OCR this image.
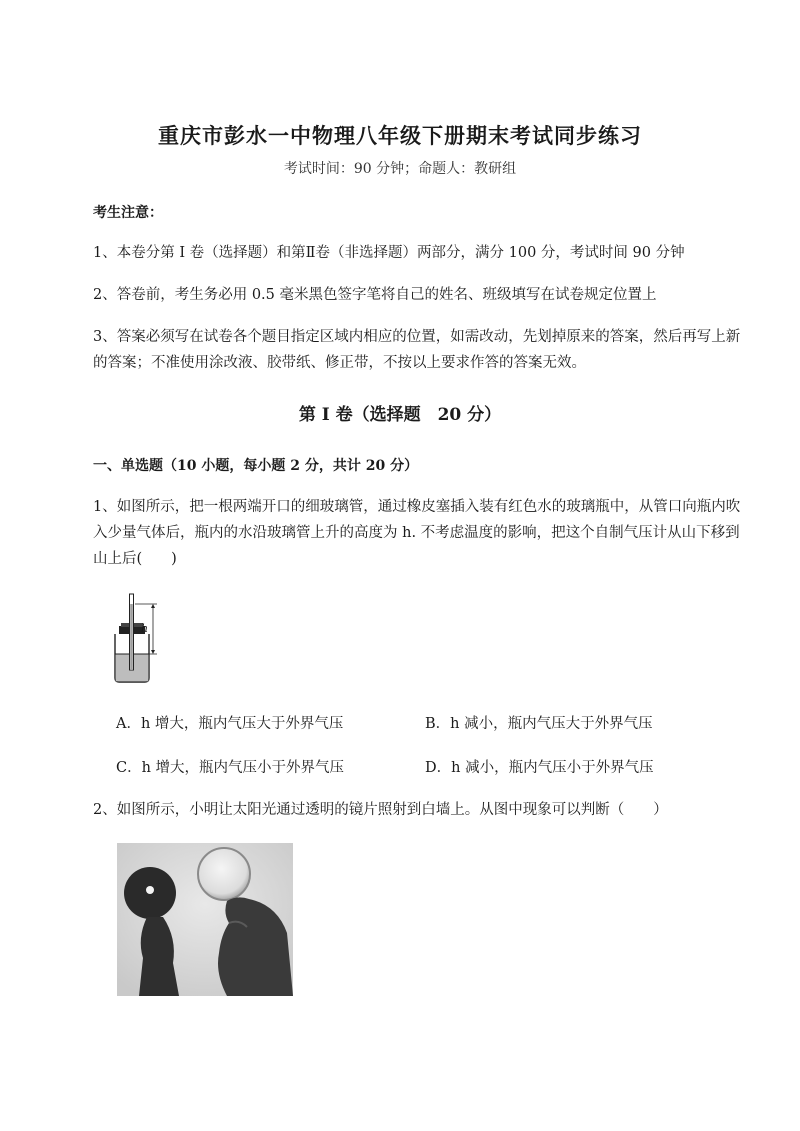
重庆市彭水一中物理八年级下册期末考试同步练习
考试时间：90 分钟；命题人：教研组
考生注意：
1、本卷分第 I 卷（选择题）和第Ⅱ卷（非选择题）两部分，满分 100 分，考试时间 90 分钟
2、答卷前，考生务必用 0.5 毫米黑色签字笔将自己的姓名、班级填写在试卷规定位置上
3、答案必须写在试卷各个题目指定区域内相应的位置，如需改动，先划掉原来的答案，然后再写上新的答案；不准使用涂改液、胶带纸、修正带，不按以上要求作答的答案无效。
第 I 卷（选择题　20 分）
一、单选题（10 小题，每小题 2 分，共计 20 分）
1、如图所示，把一根两端开口的细玻璃管，通过橡皮塞插入装有红色水的玻璃瓶中，从管口向瓶内吹入少量气体后，瓶内的水沿玻璃管上升的高度为 h. 不考虑温度的影响，把这个自制气压计从山下移到山上后(　　)
h
A．h 增大，瓶内气压大于外界气压	B．h 减小，瓶内气压大于外界气压
C．h 增大，瓶内气压小于外界气压	D．h 减小，瓶内气压小于外界气压
2、如图所示，小明让太阳光通过透明的镜片照射到白墙上。从图中现象可以判断（　　）
